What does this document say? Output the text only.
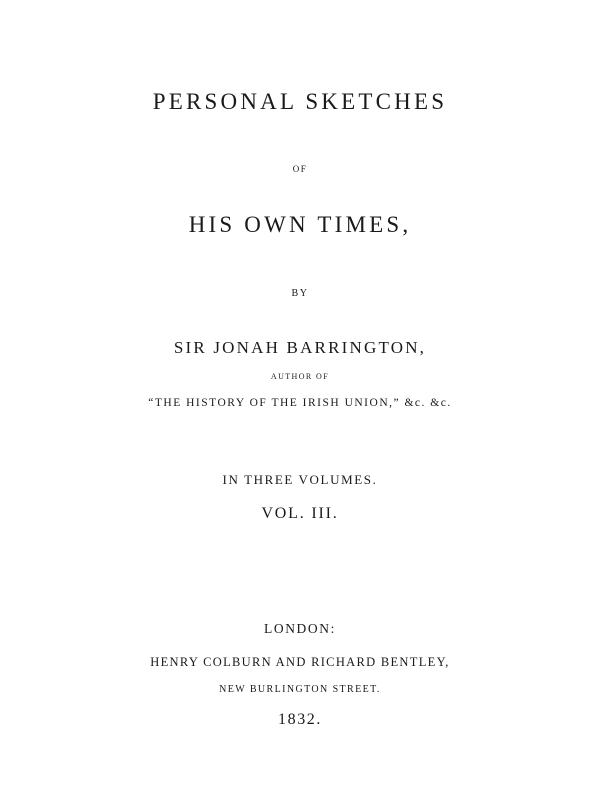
PERSONAL SKETCHES
OF
HIS OWN TIMES,
BY
SIR JONAH BARRINGTON,
AUTHOR OF
“THE HISTORY OF THE IRISH UNION,” &c. &c.
IN THREE VOLUMES.
VOL. III.
LONDON:
HENRY COLBURN AND RICHARD BENTLEY,
NEW BURLINGTON STREET.
1832.
